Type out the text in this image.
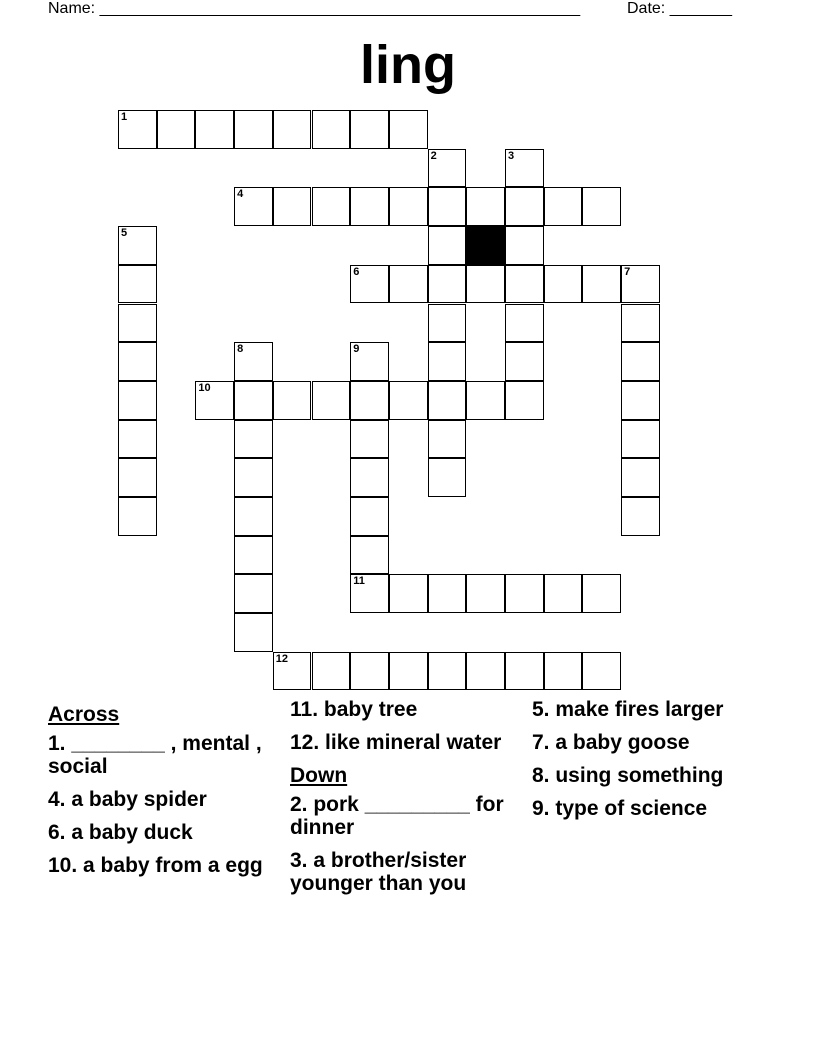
Name: ______________________________________________________	Date: _______
ling
1
2	3
4
5
6	7
8	9
11
10
12
Across
1. ________ , mental , social
4. a baby spider
6. a baby duck
10. a baby from a egg
11. baby tree
12. like mineral water
Down
2. pork _________ for dinner
3. a brother/sister younger than you
5. make fires larger
7. a baby goose
8. using something
9. type of science
